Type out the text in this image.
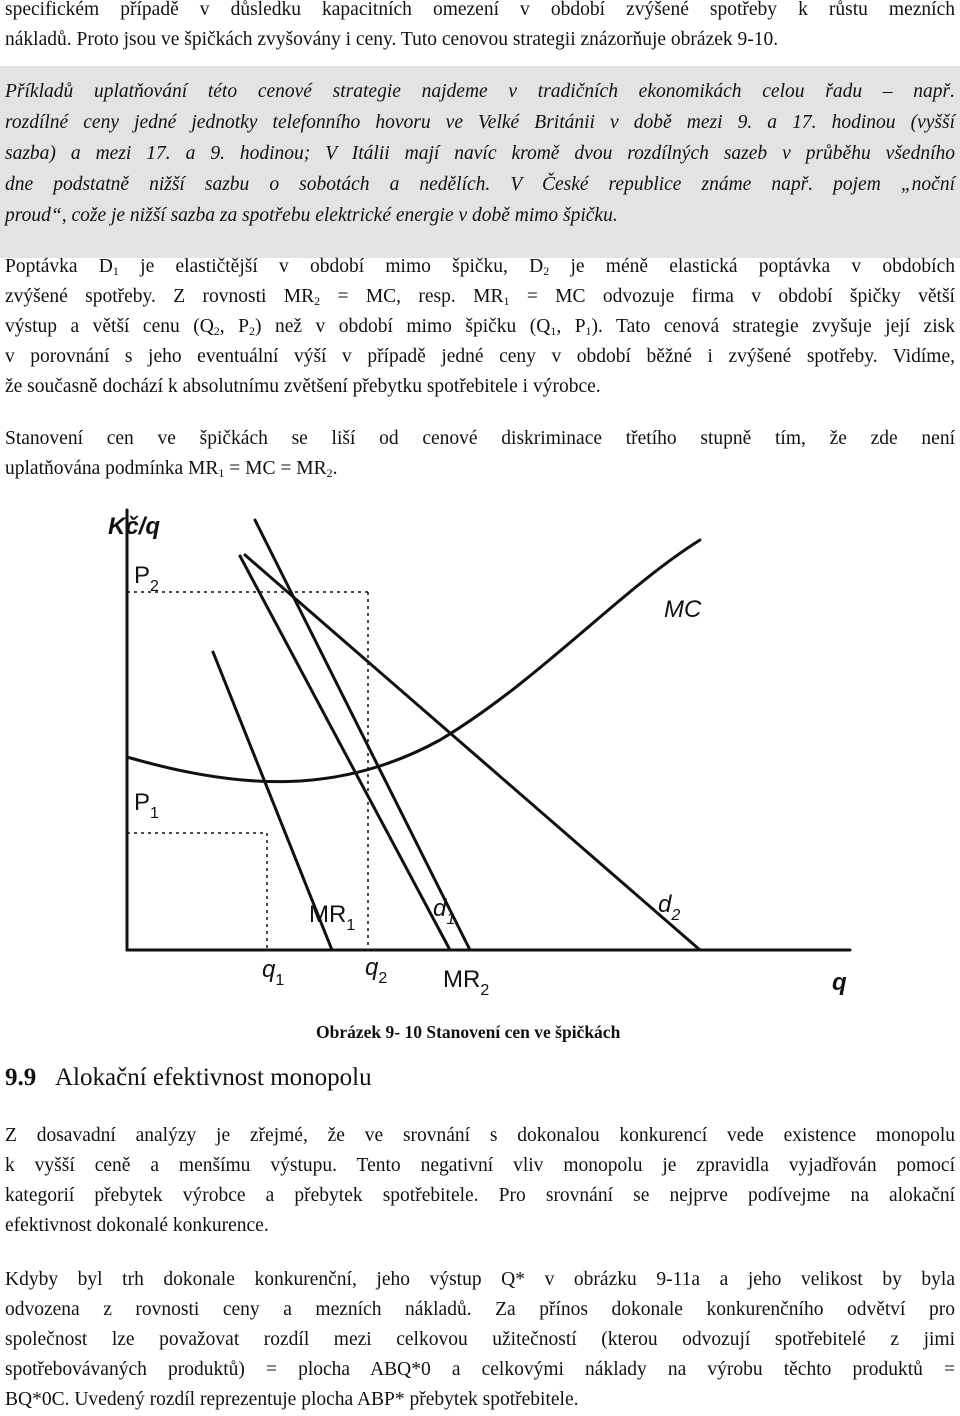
specifickém případě v důsledku kapacitních omezení v období zvýšené spotřeby k růstu mezních
nákladů. Proto jsou ve špičkách zvyšovány i ceny. Tuto cenovou strategii znázorňuje obrázek 9-10.
Příkladů uplatňování této cenové strategie najdeme v tradičních ekonomikách celou řadu – např.
rozdílné ceny jedné jednotky telefonního hovoru ve Velké Británii v době mezi 9. a 17. hodinou (vyšší
sazba) a mezi 17. a 9. hodinou; V Itálii mají navíc kromě dvou rozdílných sazeb v průběhu všedního
dne podstatně nižší sazbu o sobotách a nedělích. V České republice známe např. pojem „noční
proud“, cože je nižší sazba za spotřebu elektrické energie v době mimo špičku.
Poptávka $D_1$ je elastičtější v období mimo špičku, $D_2$ je méně elastická poptávka v obdobích
zvýšené spotřeby. Z rovnosti $MR_2$ = MC, resp. $MR_1$ = MC odvozuje firma v období špičky větší
výstup a větší cenu ($Q_2$, $P_2$) než v období mimo špičku ($Q_1$, $P_1$). Tato cenová strategie zvyšuje její zisk
v porovnání s jeho eventuální výší v případě jedné ceny v období běžné i zvýšené spotřeby. Vidíme,
že současně dochází k absolutnímu zvětšení přebytku spotřebitele i výrobce.
Stanovení cen ve špičkách se liší od cenové diskriminace třetího stupně tím, že zde není
uplatňována podmínka $MR_1$ = MC = $MR_2$.
Kč/q
q
$P_2$
$P_1$
MC
$MR_1$
$d_1$
$d_2$
$q_1$	$q_2$ $MR_2$
Obrázek 9- 10 Stanovení cen ve špičkách
9.9 Alokační efektivnost monopolu
Z dosavadní analýzy je zřejmé, že ve srovnání s dokonalou konkurencí vede existence monopolu
k vyšší ceně a menšímu výstupu. Tento negativní vliv monopolu je zpravidla vyjadřován pomocí
kategorií přebytek výrobce a přebytek spotřebitele. Pro srovnání se nejprve podívejme na alokační
efektivnost dokonalé konkurence.
Kdyby byl trh dokonale konkurenční, jeho výstup Q* v obrázku 9-11a a jeho velikost by byla
odvozena z rovnosti ceny a mezních nákladů. Za přínos dokonale konkurenčního odvětví pro
společnost lze považovat rozdíl mezi celkovou užitečností (kterou odvozují spotřebitelé z jimi
spotřebovávaných produktů) = plocha ABQ*0 a celkovými náklady na výrobu těchto produktů =
BQ*0C. Uvedený rozdíl reprezentuje plocha ABP* přebytek spotřebitele.
